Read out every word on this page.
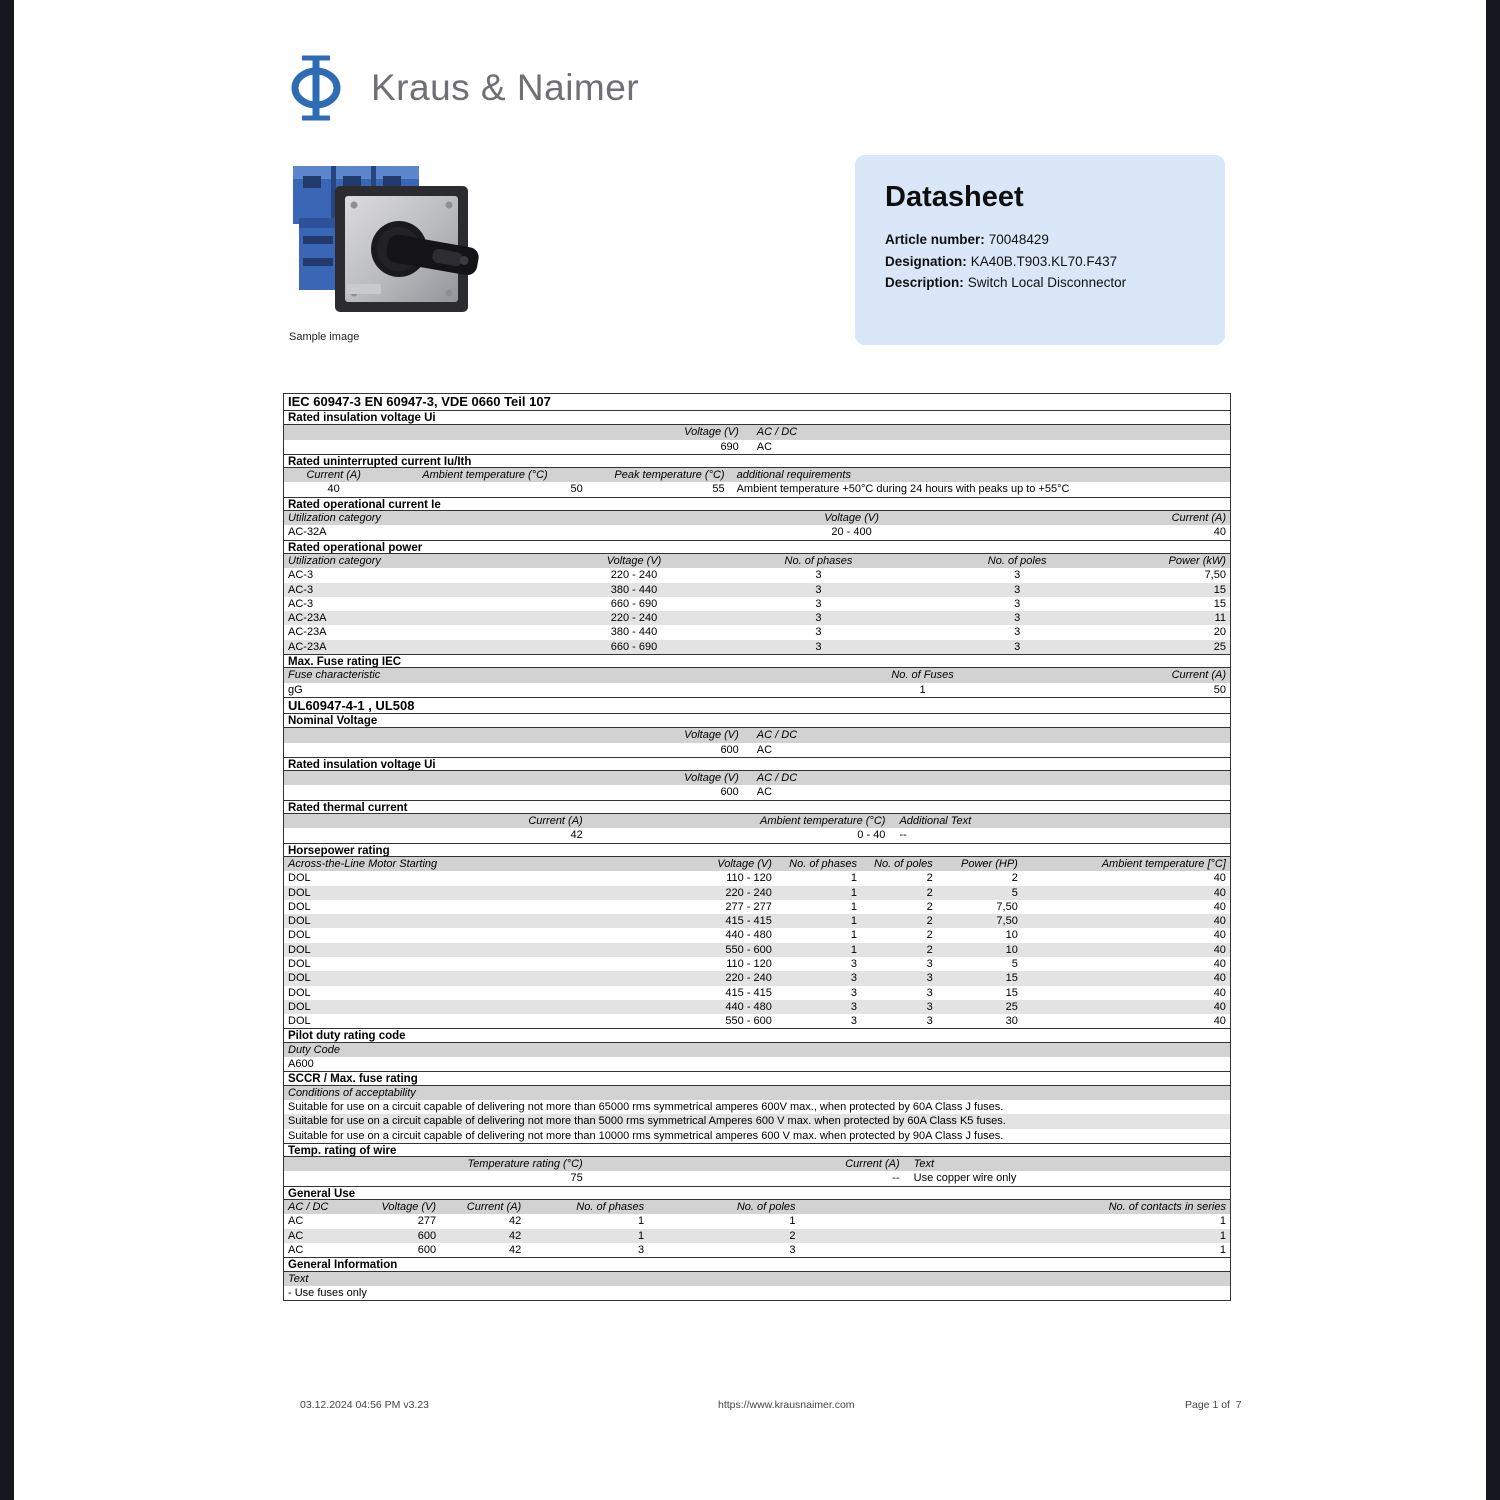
Kraus & Naimer
Sample image
Datasheet
Article number: 70048429
Designation: KA40B.T903.KL70.F437
Description: Switch Local Disconnector
IEC 60947-3 EN 60947-3, VDE 0660 Teil 107
Rated insulation voltage Ui
Voltage (V)	AC / DC
690	AC
Rated uninterrupted current Iu/Ith
Current (A)	Ambient temperature (°C)	Peak temperature (°C)	additional requirements
40	50	55	Ambient temperature +50°C during 24 hours with peaks up to +55°C
Rated operational current Ie
Utilization category	Voltage (V)	Current (A)
AC-32A	20 - 400	40
Rated operational power
Utilization category	Voltage (V)	No. of phases	No. of poles	Power (kW)
AC-3	220 - 240	3	3	7,50
AC-3	380 - 440	3	3	15
AC-3	660 - 690	3	3	15
AC-23A	220 - 240	3	3	11
AC-23A	380 - 440	3	3	20
AC-23A	660 - 690	3	3	25
Max. Fuse rating IEC
Fuse characteristic	No. of Fuses	Current (A)
gG	1	50
UL60947-4-1 , UL508
Nominal Voltage
Voltage (V)	AC / DC
600	AC
Rated insulation voltage Ui
Voltage (V)	AC / DC
600	AC
Rated thermal current
Current (A)	Ambient temperature (°C)	Additional Text
42	0 - 40	--
Horsepower rating
Across-the-Line Motor Starting	Voltage (V)	No. of phases	No. of poles	Power (HP)	Ambient temperature [°C]
DOL	110 - 120	1	2	2	40
DOL	220 - 240	1	2	5	40
DOL	277 - 277	1	2	7,50	40
DOL	415 - 415	1	2	7,50	40
DOL	440 - 480	1	2	10	40
DOL	550 - 600	1	2	10	40
DOL	110 - 120	3	3	5	40
DOL	220 - 240	3	3	15	40
DOL	415 - 415	3	3	15	40
DOL	440 - 480	3	3	25	40
DOL	550 - 600	3	3	30	40
Pilot duty rating code
Duty Code
A600
SCCR / Max. fuse rating
Conditions of acceptability
Suitable for use on a circuit capable of delivering not more than 65000 rms symmetrical amperes 600V max., when protected by 60A Class J fuses.
Suitable for use on a circuit capable of delivering not more than 5000 rms symmetrical Amperes 600 V max. when protected by 60A Class K5 fuses.
Suitable for use on a circuit capable of delivering not more than 10000 rms symmetrical amperes 600 V max. when protected by 90A Class J fuses.
Temp. rating of wire
Temperature rating (°C)	Current (A)	Text
75	--	Use copper wire only
General Use
AC / DC	Voltage (V)	Current (A)	No. of phases	No. of poles	No. of contacts in series
AC	277	42	1	1	1
AC	600	42	1	2	1
AC	600	42	3	3	1
General Information
Text
- Use fuses only
03.12.2024 04:56 PM v3.23	https://www.krausnaimer.com	Page 1 of  7
